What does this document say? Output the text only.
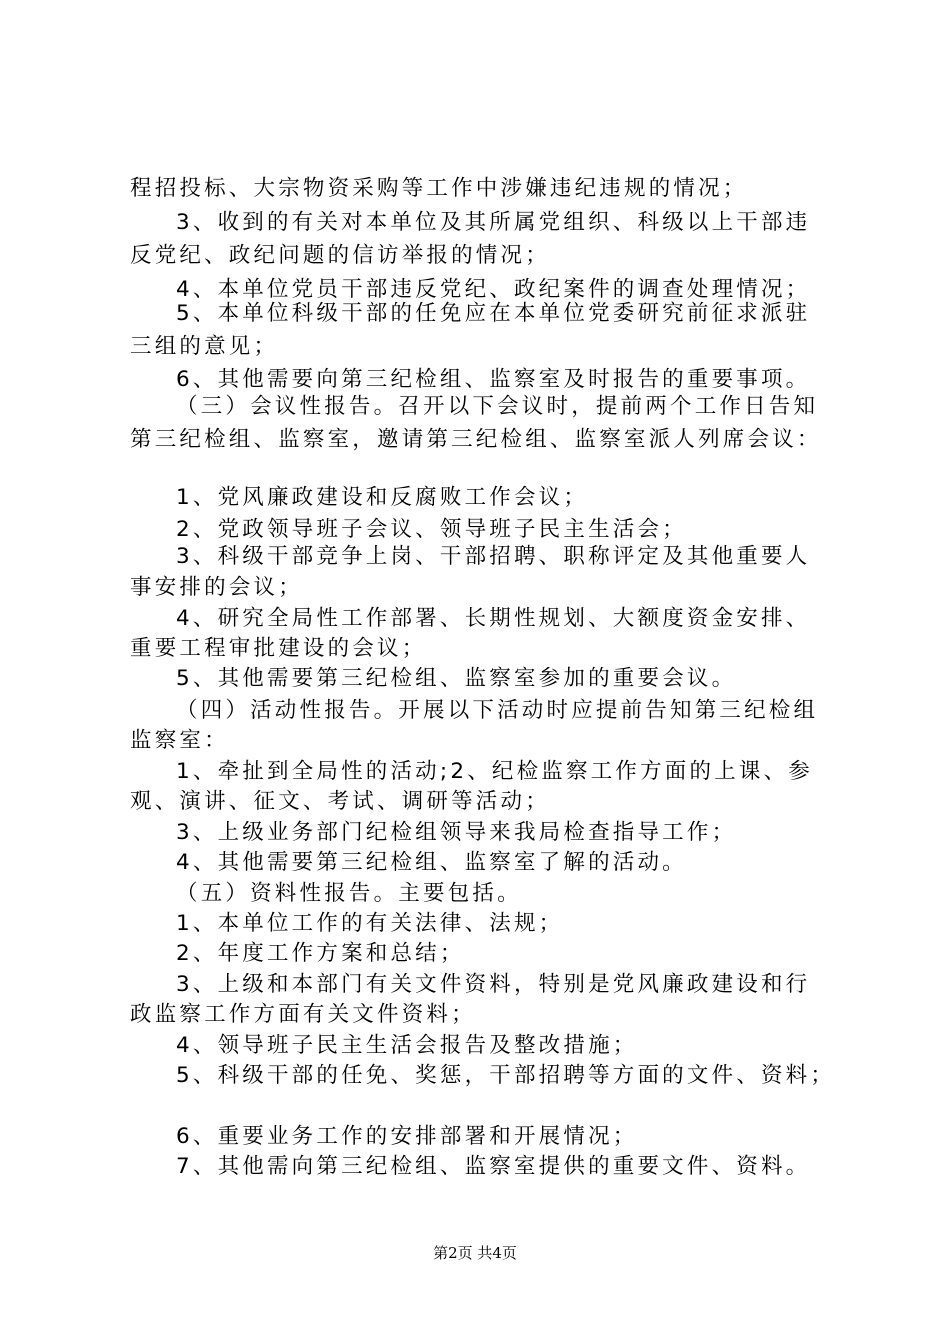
程招投标、大宗物资采购等工作中涉嫌违纪违规的情况；
3、收到的有关对本单位及其所属党组织、科级以上干部违
反党纪、政纪问题的信访举报的情况；
4、本单位党员干部违反党纪、政纪案件的调查处理情况；
5、本单位科级干部的任免应在本单位党委研究前征求派驻
三组的意见；
6、其他需要向第三纪检组、监察室及时报告的重要事项。
（三）会议性报告。召开以下会议时，提前两个工作日告知
第三纪检组、监察室，邀请第三纪检组、监察室派人列席会议：
1、党风廉政建设和反腐败工作会议；
2、党政领导班子会议、领导班子民主生活会；
3、科级干部竞争上岗、干部招聘、职称评定及其他重要人
事安排的会议；
4、研究全局性工作部署、长期性规划、大额度资金安排、
重要工程审批建设的会议；
5、其他需要第三纪检组、监察室参加的重要会议。
（四）活动性报告。开展以下活动时应提前告知第三纪检组
监察室：
1、牵扯到全局性的活动;2、纪检监察工作方面的上课、参
观、演讲、征文、考试、调研等活动；
3、上级业务部门纪检组领导来我局检查指导工作；
4、其他需要第三纪检组、监察室了解的活动。
（五）资料性报告。主要包括。
1、本单位工作的有关法律、法规；
2、年度工作方案和总结；
3、上级和本部门有关文件资料，特别是党风廉政建设和行
政监察工作方面有关文件资料；
4、领导班子民主生活会报告及整改措施；
5、科级干部的任免、奖惩，干部招聘等方面的文件、资料；
6、重要业务工作的安排部署和开展情况；
7、其他需向第三纪检组、监察室提供的重要文件、资料。
第2页 共4页
